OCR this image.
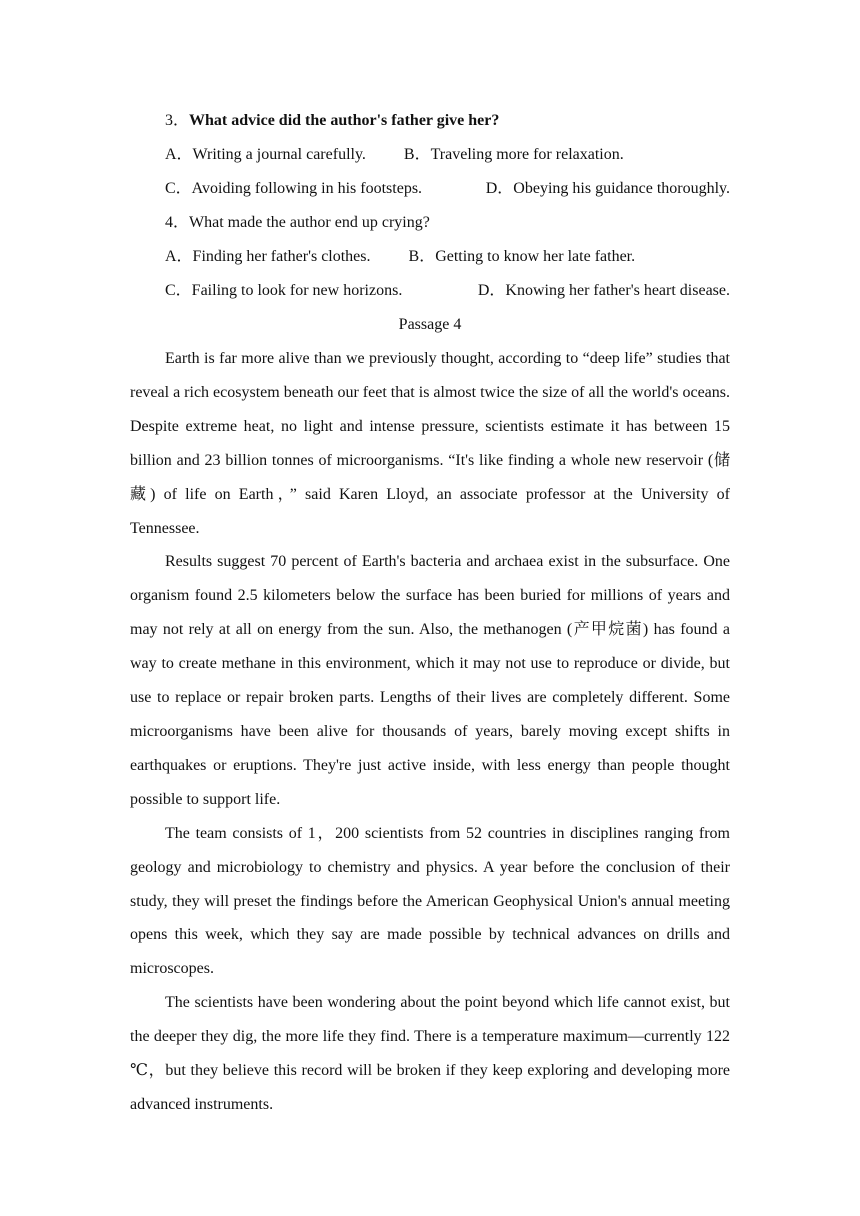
3．What advice did the author's father give her?

A．Writing a journal carefully. B．Traveling more for relaxation.
C．Avoiding following in his footsteps.	D．Obeying his guidance thoroughly.

4．What made the author end up crying?

A．Finding her father's clothes. B．Getting to know her late father.
C．Failing to look for new horizons.	D．Knowing her father's heart disease.

Passage 4

Earth is far more alive than we previously thought, according to “deep life” studies that reveal a rich ecosystem beneath our feet that is almost twice the size of all the world's oceans. Despite extreme heat, no light and intense pressure, scientists estimate it has between 15 billion and 23 billion tonnes of microorganisms. “It's like finding a whole new reservoir (储藏) of life on Earth，” said Karen Lloyd, an associate professor at the University of Tennessee.

Results suggest 70 percent of Earth's bacteria and archaea exist in the subsurface. One organism found 2.5 kilometers below the surface has been buried for millions of years and may not rely at all on energy from the sun. Also, the methanogen (产甲烷菌) has found a way to create methane in this environment, which it may not use to reproduce or divide, but use to replace or repair broken parts. Lengths of their lives are completely different. Some microorganisms have been alive for thousands of years, barely moving except shifts in earthquakes or eruptions. They're just active inside, with less energy than people thought possible to support life.

The team consists of 1，200 scientists from 52 countries in disciplines ranging from geology and microbiology to chemistry and physics. A year before the conclusion of their study, they will preset the findings before the American Geophysical Union's annual meeting opens this week, which they say are made possible by technical advances on drills and microscopes.

The scientists have been wondering about the point beyond which life cannot exist, but the deeper they dig, the more life they find. There is a temperature maximum—currently 122 ℃，but they believe this record will be broken if they keep exploring and developing more advanced instruments.
